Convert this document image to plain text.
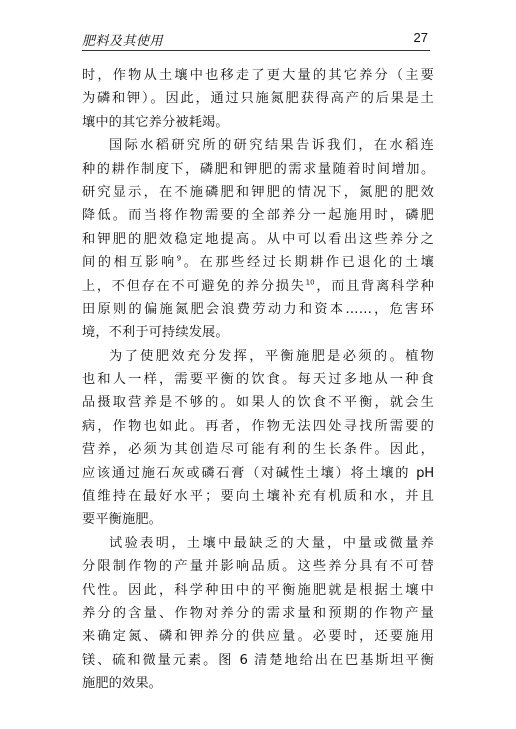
肥料及其使用	27
时，作物从土壤中也移走了更大量的其它养分（主要
为磷和钾）。因此，通过只施氮肥获得高产的后果是土
壤中的其它养分被耗竭。
国际水稻研究所的研究结果告诉我们，在水稻连
种的耕作制度下，磷肥和钾肥的需求量随着时间增加。
研究显示，在不施磷肥和钾肥的情况下，氮肥的肥效
降低。而当将作物需要的全部养分一起施用时，磷肥
和钾肥的肥效稳定地提高。从中可以看出这些养分之
间的相互影响$^9$。在那些经过长期耕作已退化的土壤
上，不但存在不可避免的养分损失$^{10}$，而且背离科学种
田原则的偏施氮肥会浪费劳动力和资本……，危害环
境，不利于可持续发展。
为了使肥效充分发挥，平衡施肥是必须的。植物
也和人一样，需要平衡的饮食。每天过多地从一种食
品摄取营养是不够的。如果人的饮食不平衡，就会生
病，作物也如此。再者，作物无法四处寻找所需要的
营养，必须为其创造尽可能有利的生长条件。因此，
应该通过施石灰或磷石膏（对碱性土壤）将土壤的 pH
值维持在最好水平；要向土壤补充有机质和水，并且
要平衡施肥。
试验表明，土壤中最缺乏的大量，中量或微量养
分限制作物的产量并影响品质。这些养分具有不可替
代性。因此，科学种田中的平衡施肥就是根据土壤中
养分的含量、作物对养分的需求量和预期的作物产量
来确定氮、磷和钾养分的供应量。必要时，还要施用
镁、硫和微量元素。图 6 清楚地给出在巴基斯坦平衡
施肥的效果。
